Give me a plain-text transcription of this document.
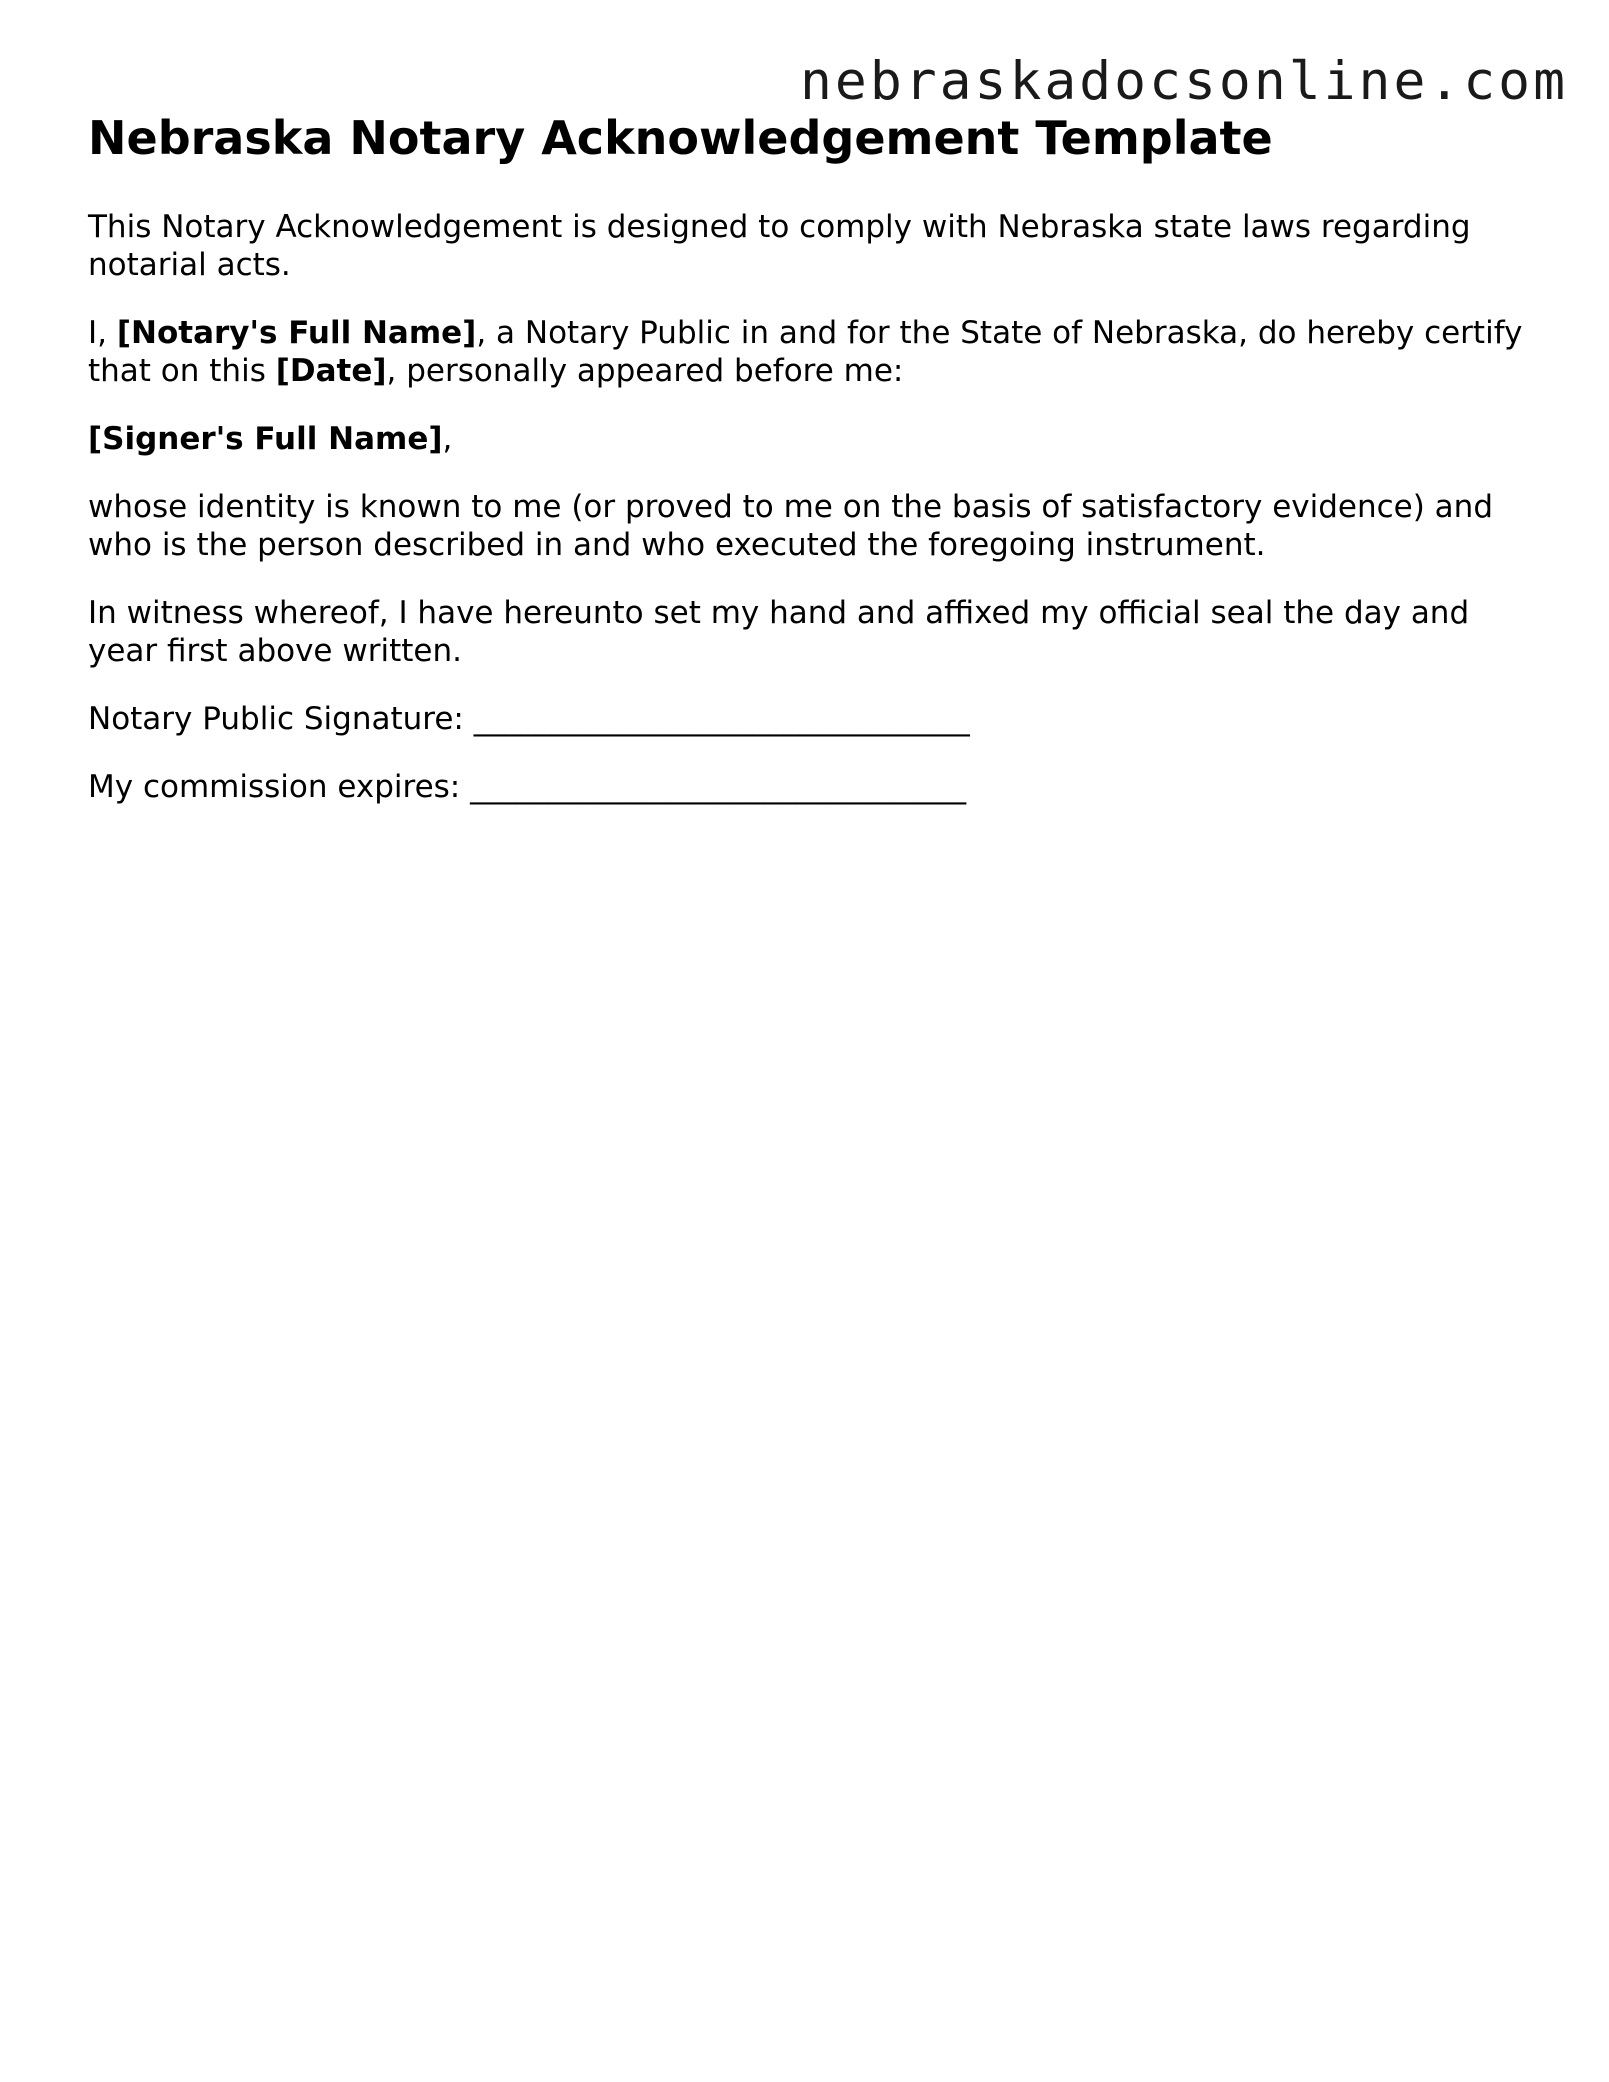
nebraskadocsonline.com

Nebraska Notary Acknowledgement Template

This Notary Acknowledgement is designed to comply with Nebraska state laws regarding notarial acts.

I, [Notary's Full Name], a Notary Public in and for the State of Nebraska, do hereby certify that on this [Date], personally appeared before me:

[Signer's Full Name],

whose identity is known to me (or proved to me on the basis of satisfactory evidence) and who is the person described in and who executed the foregoing instrument.

In witness whereof, I have hereunto set my hand and affixed my official seal the day and year first above written.

Notary Public Signature: ________________________________

My commission expires: ________________________________
